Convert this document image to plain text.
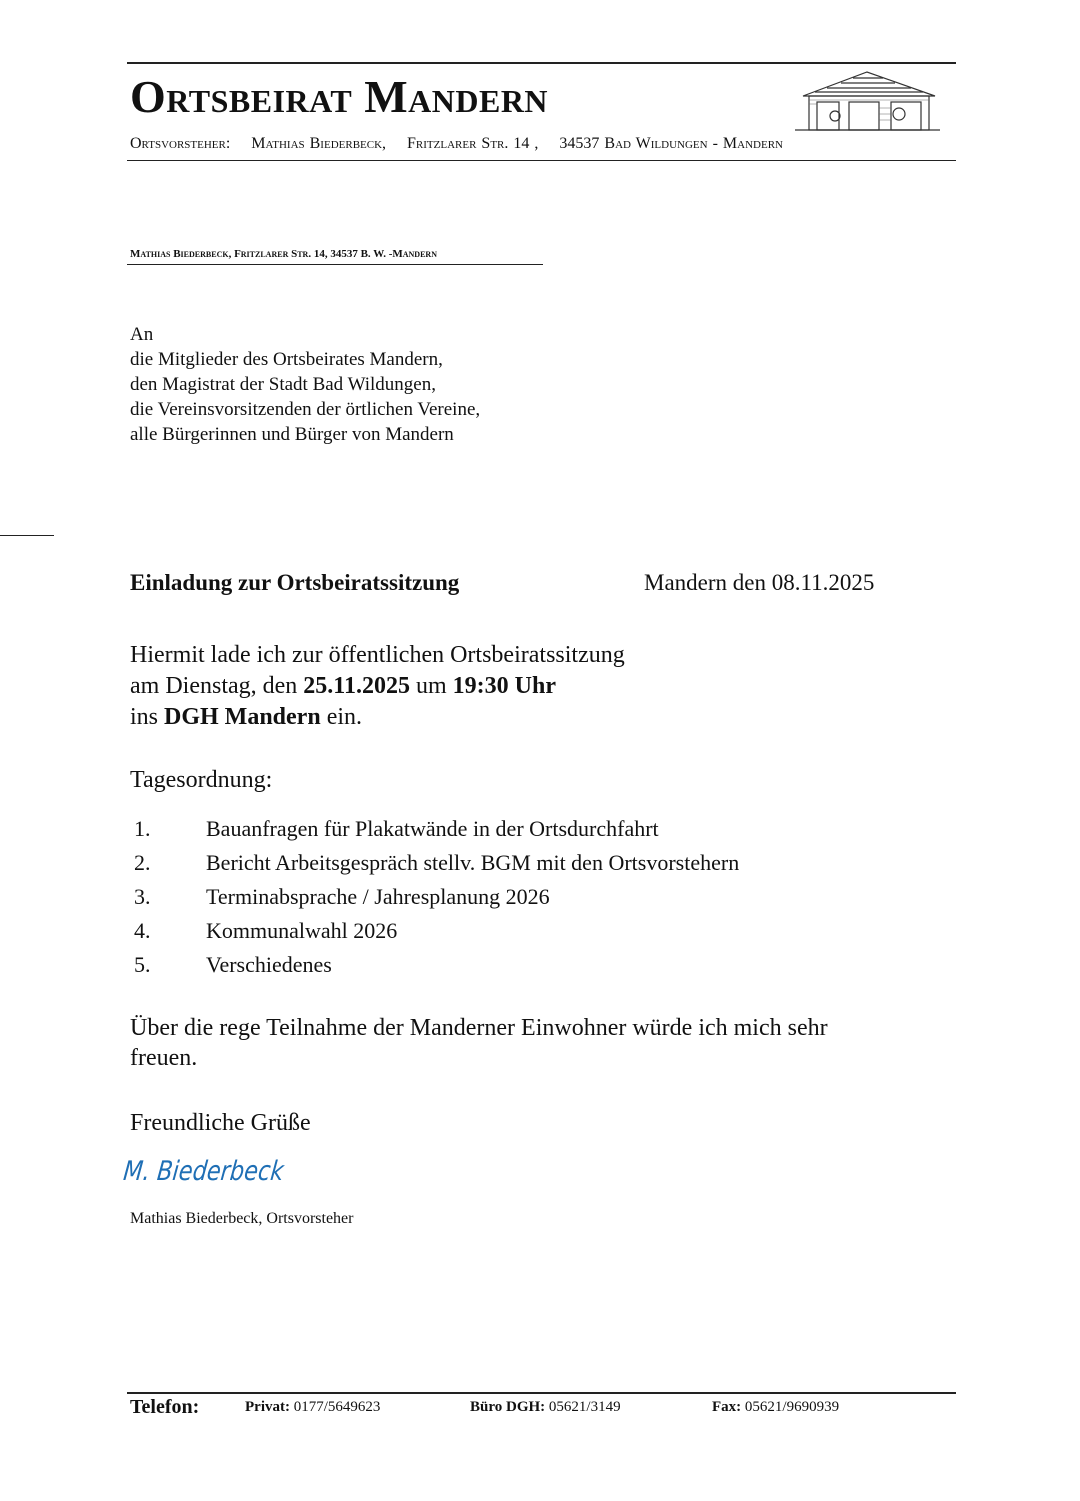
Ortsbeirat Mandern
Ortsvorsteher: Mathias Biederbeck, Fritzlarer Str. 14 , 34537 Bad Wildungen - Mandern
Mathias Biederbeck, Fritzlarer Str. 14, 34537 B. W. -Mandern
An
die Mitglieder des Ortsbeirates Mandern,
den Magistrat der Stadt Bad Wildungen,
die Vereinsvorsitzenden der örtlichen Vereine,
alle Bürgerinnen und Bürger von Mandern
Einladung zur Ortsbeiratssitzung	Mandern den 08.11.2025
Hiermit lade ich zur öffentlichen Ortsbeiratssitzung
am Dienstag, den 25.11.2025 um 19:30 Uhr
ins DGH Mandern ein.
Tagesordnung:
1.	Bauanfragen für Plakatwände in der Ortsdurchfahrt
2.	Bericht Arbeitsgespräch stellv. BGM mit den Ortsvorstehern
3.	Terminabsprache / Jahresplanung 2026
4.	Kommunalwahl 2026
5.	Verschiedenes
Über die rege Teilnahme der Manderner Einwohner würde ich mich sehr freuen.
Freundliche Grüße
M. Biederbeck
Mathias Biederbeck, Ortsvorsteher
Telefon:	Privat: 0177/5649623	Büro DGH: 05621/3149	Fax: 05621/9690939
